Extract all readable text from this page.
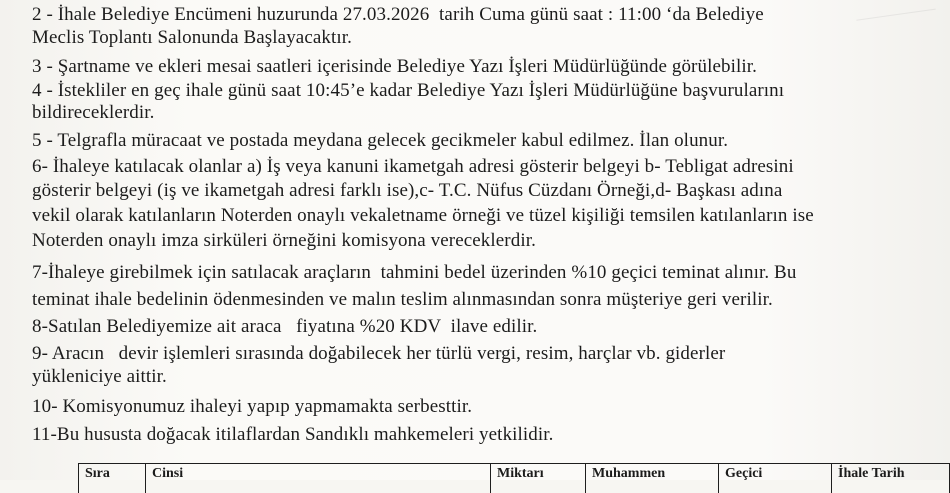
2 - İhale Belediye Encümeni huzurunda 27.03.2026  tarih Cuma günü saat : 11:00 ‘da Belediye

Meclis Toplantı Salonunda Başlayacaktır.

3 - Şartname ve ekleri mesai saatleri içerisinde Belediye Yazı İşleri Müdürlüğünde görülebilir.

4 - İstekliler en geç ihale günü saat 10:45’e kadar Belediye Yazı İşleri Müdürlüğüne başvurularını

bildireceklerdir.

5 - Telgrafla müracaat ve postada meydana gelecek gecikmeler kabul edilmez. İlan olunur.

6- İhaleye katılacak olanlar a) İş veya kanuni ikametgah adresi gösterir belgeyi b- Tebligat adresini

gösterir belgeyi (iş ve ikametgah adresi farklı ise),c- T.C. Nüfus Cüzdanı Örneği,d- Başkası adına

vekil olarak katılanların Noterden onaylı vekaletname örneği ve tüzel kişiliği temsilen katılanların ise

Noterden onaylı imza sirküleri örneğini komisyona vereceklerdir.

7-İhaleye girebilmek için satılacak araçların  tahmini bedel üzerinden %10 geçici teminat alınır. Bu

teminat ihale bedelinin ödenmesinden ve malın teslim alınmasından sonra müşteriye geri verilir.

8-Satılan Belediyemize ait araca   fiyatına %20 KDV  ilave edilir.

9- Aracın   devir işlemleri sırasında doğabilecek her türlü vergi, resim, harçlar vb. giderler

yükleniciye aittir.

10- Komisyonumuz ihaleyi yapıp yapmamakta serbesttir.

11-Bu hususta doğacak itilaflardan Sandıklı mahkemeleri yetkilidir.

Sıra	Cinsi	Miktarı	Muhammen	Geçici	İhale Tarih
